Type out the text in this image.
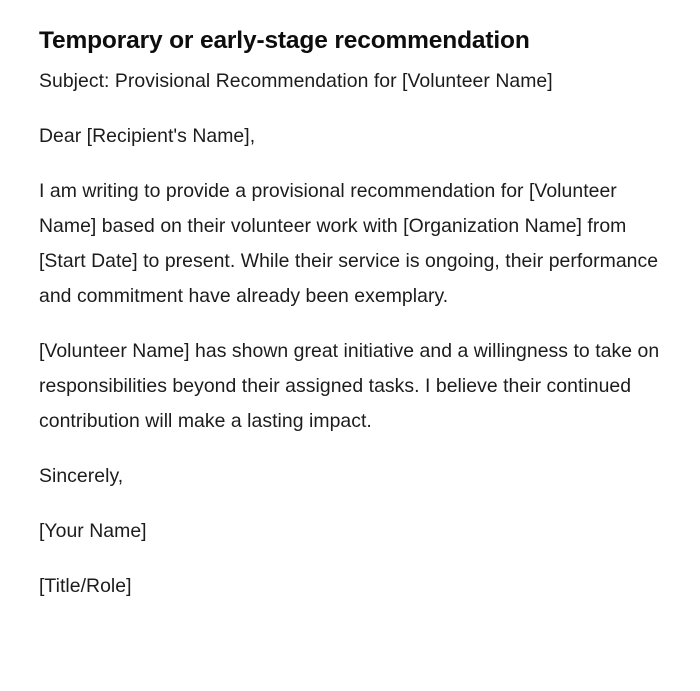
Temporary or early-stage recommendation

Subject: Provisional Recommendation for [Volunteer Name]

Dear [Recipient's Name],

I am writing to provide a provisional recommendation for [Volunteer Name] based on their volunteer work with [Organization Name] from [Start Date] to present. While their service is ongoing, their performance and commitment have already been exemplary.

[Volunteer Name] has shown great initiative and a willingness to take on responsibilities beyond their assigned tasks. I believe their continued contribution will make a lasting impact.

Sincerely,

[Your Name]

[Title/Role]
